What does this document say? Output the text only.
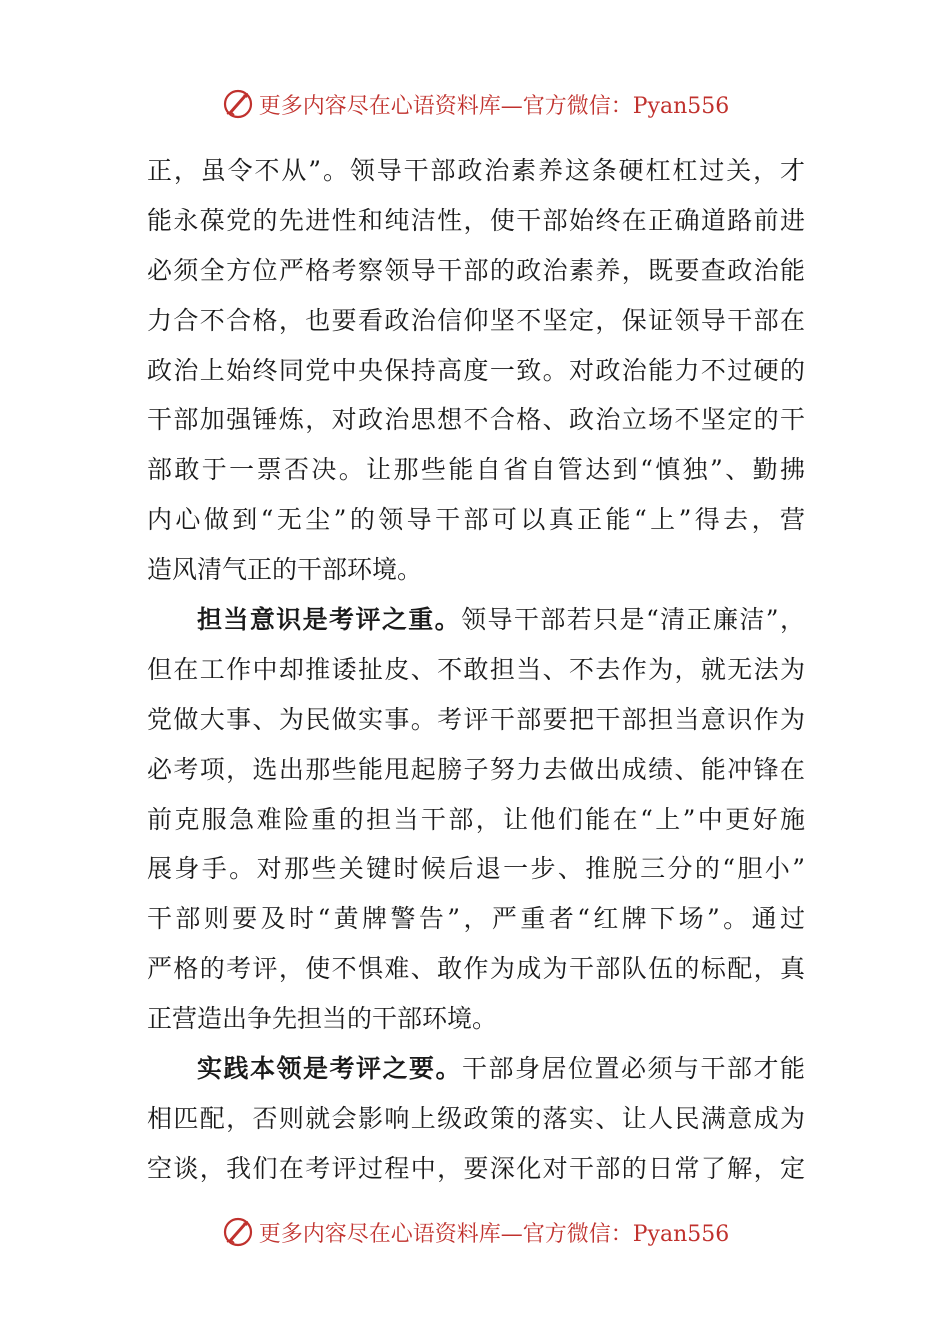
更多内容尽在心语资料库—官方微信：Pyan556
正，虽令不从”。领导干部政治素养这条硬杠杠过关，才
能永葆党的先进性和纯洁性，使干部始终在正确道路前进
必须全方位严格考察领导干部的政治素养，既要查政治能
力合不合格，也要看政治信仰坚不坚定，保证领导干部在
政治上始终同党中央保持高度一致。对政治能力不过硬的
干部加强锤炼，对政治思想不合格、政治立场不坚定的干
部敢于一票否决。让那些能自省自管达到“慎独”、勤拂
内心做到“无尘”的领导干部可以真正能“上”得去，营
造风清气正的干部环境。
担当意识是考评之重。领导干部若只是“清正廉洁”，
但在工作中却推诿扯皮、不敢担当、不去作为，就无法为
党做大事、为民做实事。考评干部要把干部担当意识作为
必考项，选出那些能甩起膀子努力去做出成绩、能冲锋在
前克服急难险重的担当干部，让他们能在“上”中更好施
展身手。对那些关键时候后退一步、推脱三分的“胆小”
干部则要及时“黄牌警告”，严重者“红牌下场”。通过
严格的考评，使不惧难、敢作为成为干部队伍的标配，真
正营造出争先担当的干部环境。
实践本领是考评之要。干部身居位置必须与干部才能
相匹配，否则就会影响上级政策的落实、让人民满意成为
空谈，我们在考评过程中，要深化对干部的日常了解，定
更多内容尽在心语资料库—官方微信：Pyan556
